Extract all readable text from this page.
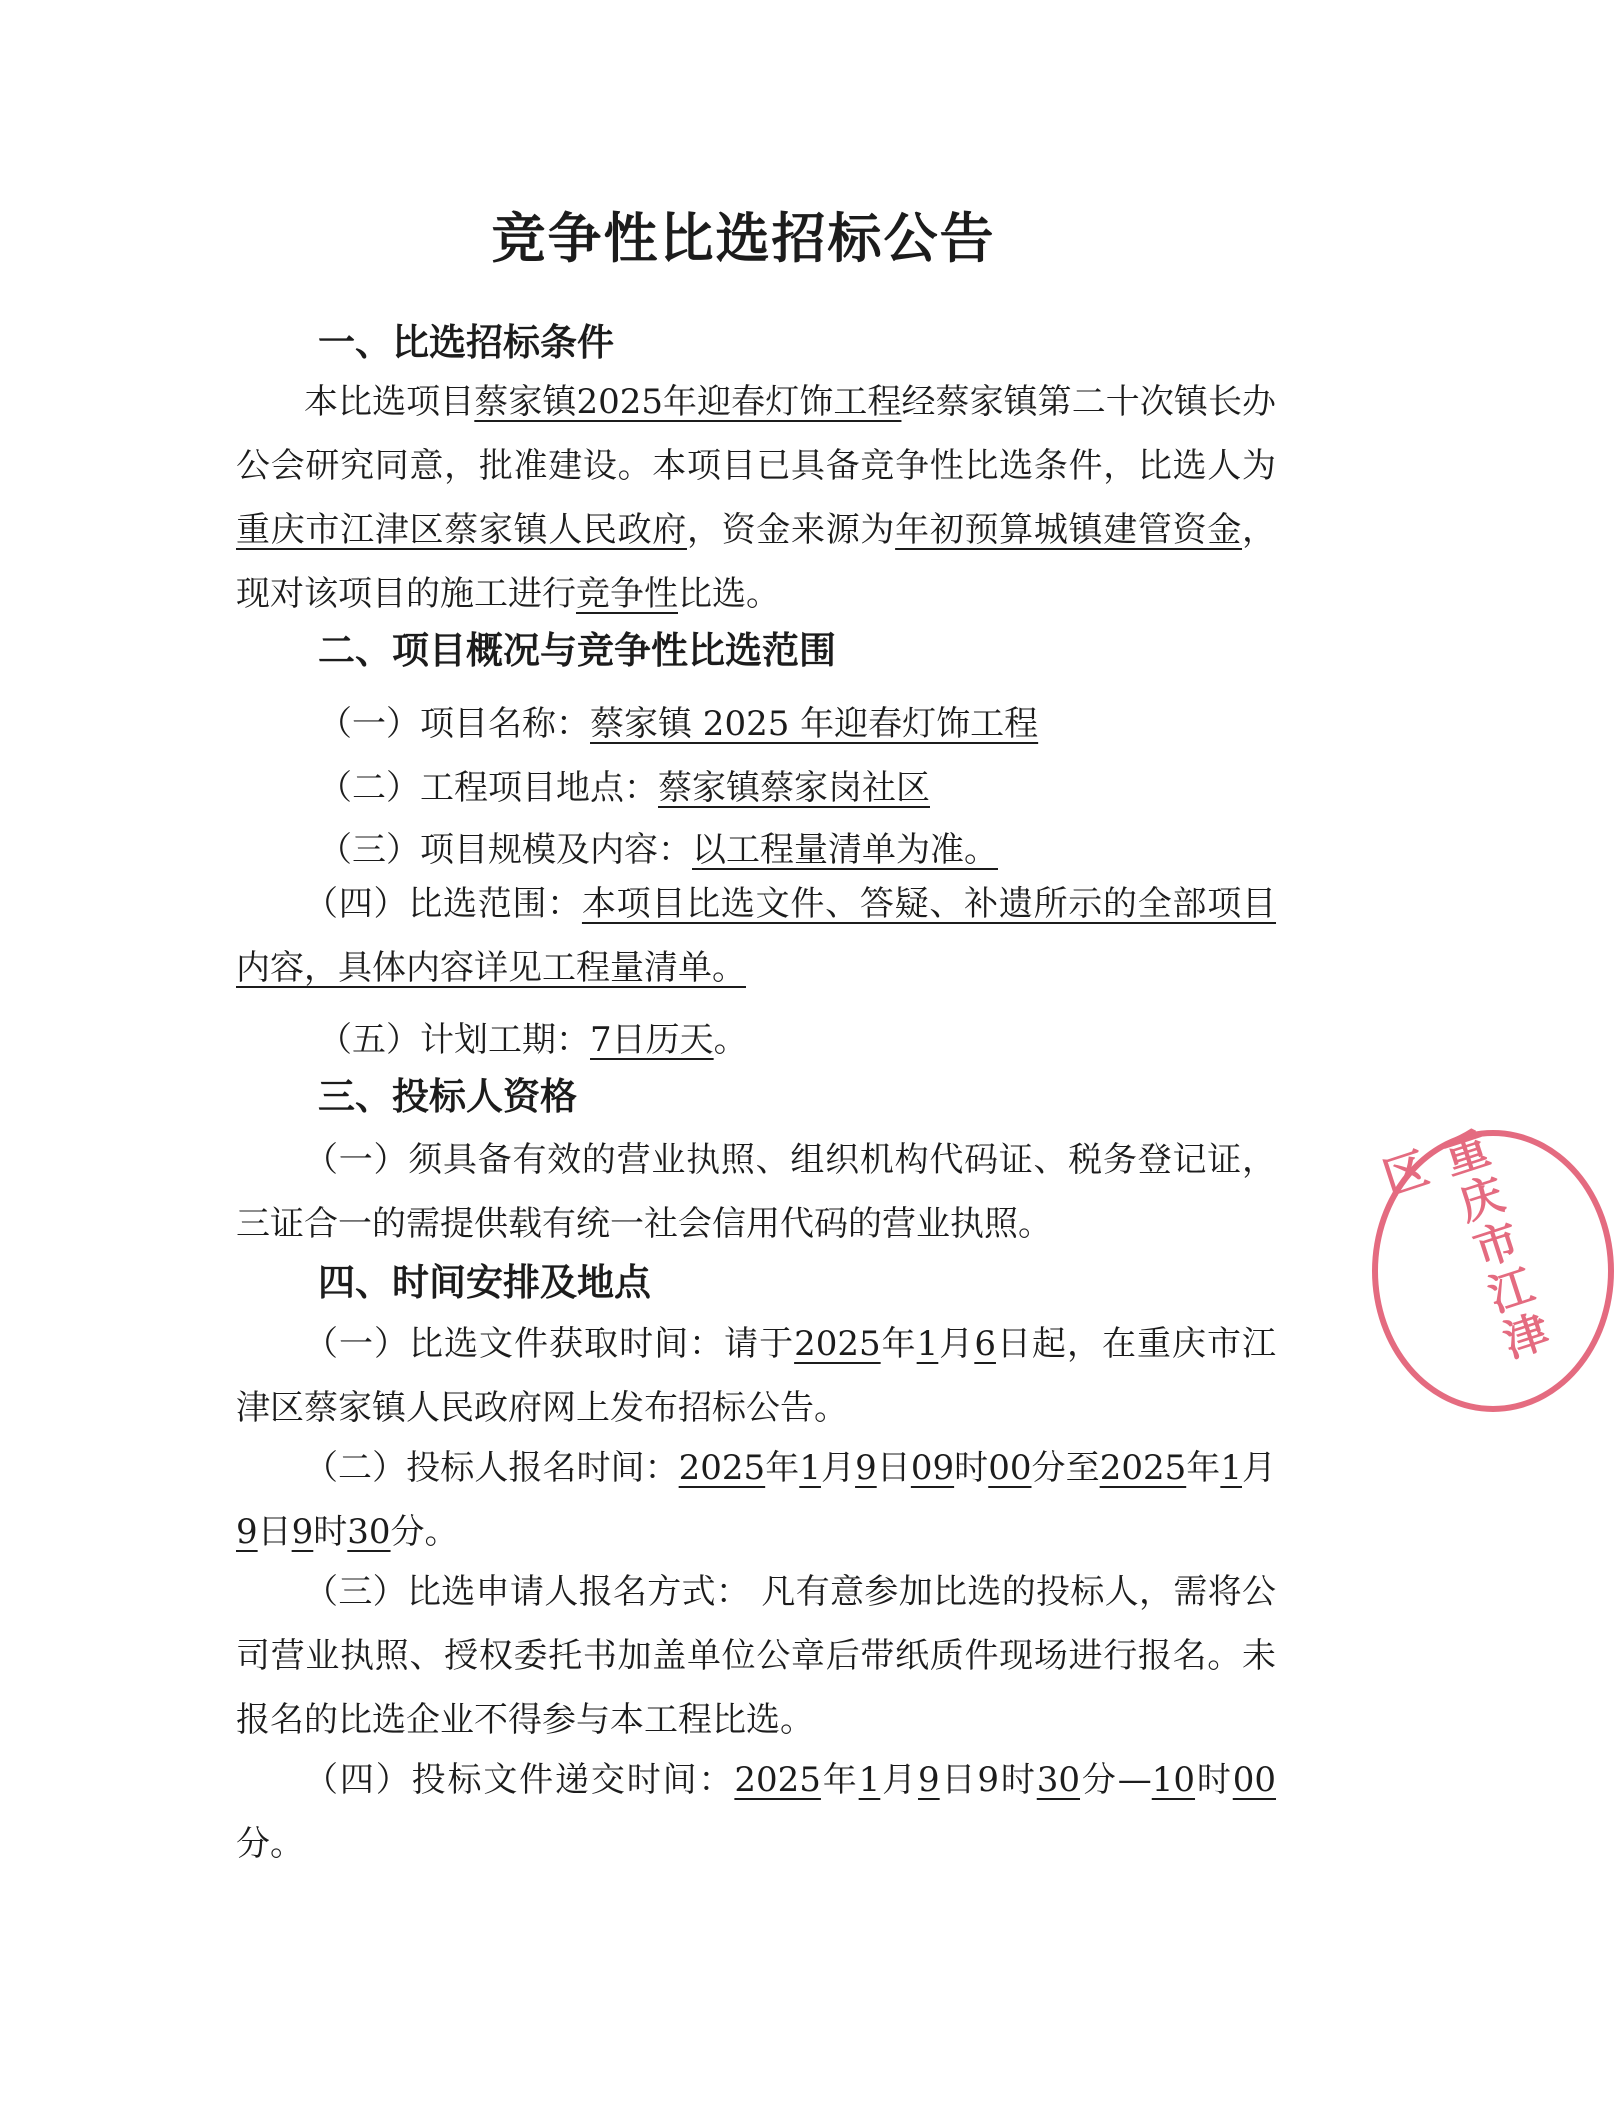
竞争性比选招标公告
一、比选招标条件
本比选项目蔡家镇2025年迎春灯饰工程经蔡家镇第二十次镇长办公会研究同意，批准建设。本项目已具备竞争性比选条件，比选人为重庆市江津区蔡家镇人民政府，资金来源为年初预算城镇建管资金，现对该项目的施工进行竞争性比选。
二、项目概况与竞争性比选范围
（一）项目名称：蔡家镇 2025 年迎春灯饰工程
（二）工程项目地点：蔡家镇蔡家岗社区
（三）项目规模及内容：以工程量清单为准。
（四）比选范围：本项目比选文件、答疑、补遗所示的全部项目内容，具体内容详见工程量清单。
（五）计划工期：7日历天。
三、投标人资格
（一）须具备有效的营业执照、组织机构代码证、税务登记证，三证合一的需提供载有统一社会信用代码的营业执照。
四、时间安排及地点
（一）比选文件获取时间：请于2025年1月6日起，在重庆市江津区蔡家镇人民政府网上发布招标公告。
（二）投标人报名时间：2025年1月9日09时00分至2025年1月9日9时30分。
（三）比选申请人报名方式： 凡有意参加比选的投标人，需将公司营业执照、授权委托书加盖单位公章后带纸质件现场进行报名。未报名的比选企业不得参与本工程比选。
（四）投标文件递交时间：2025年1月9日9时30分—10时00分。
重庆市江津区
